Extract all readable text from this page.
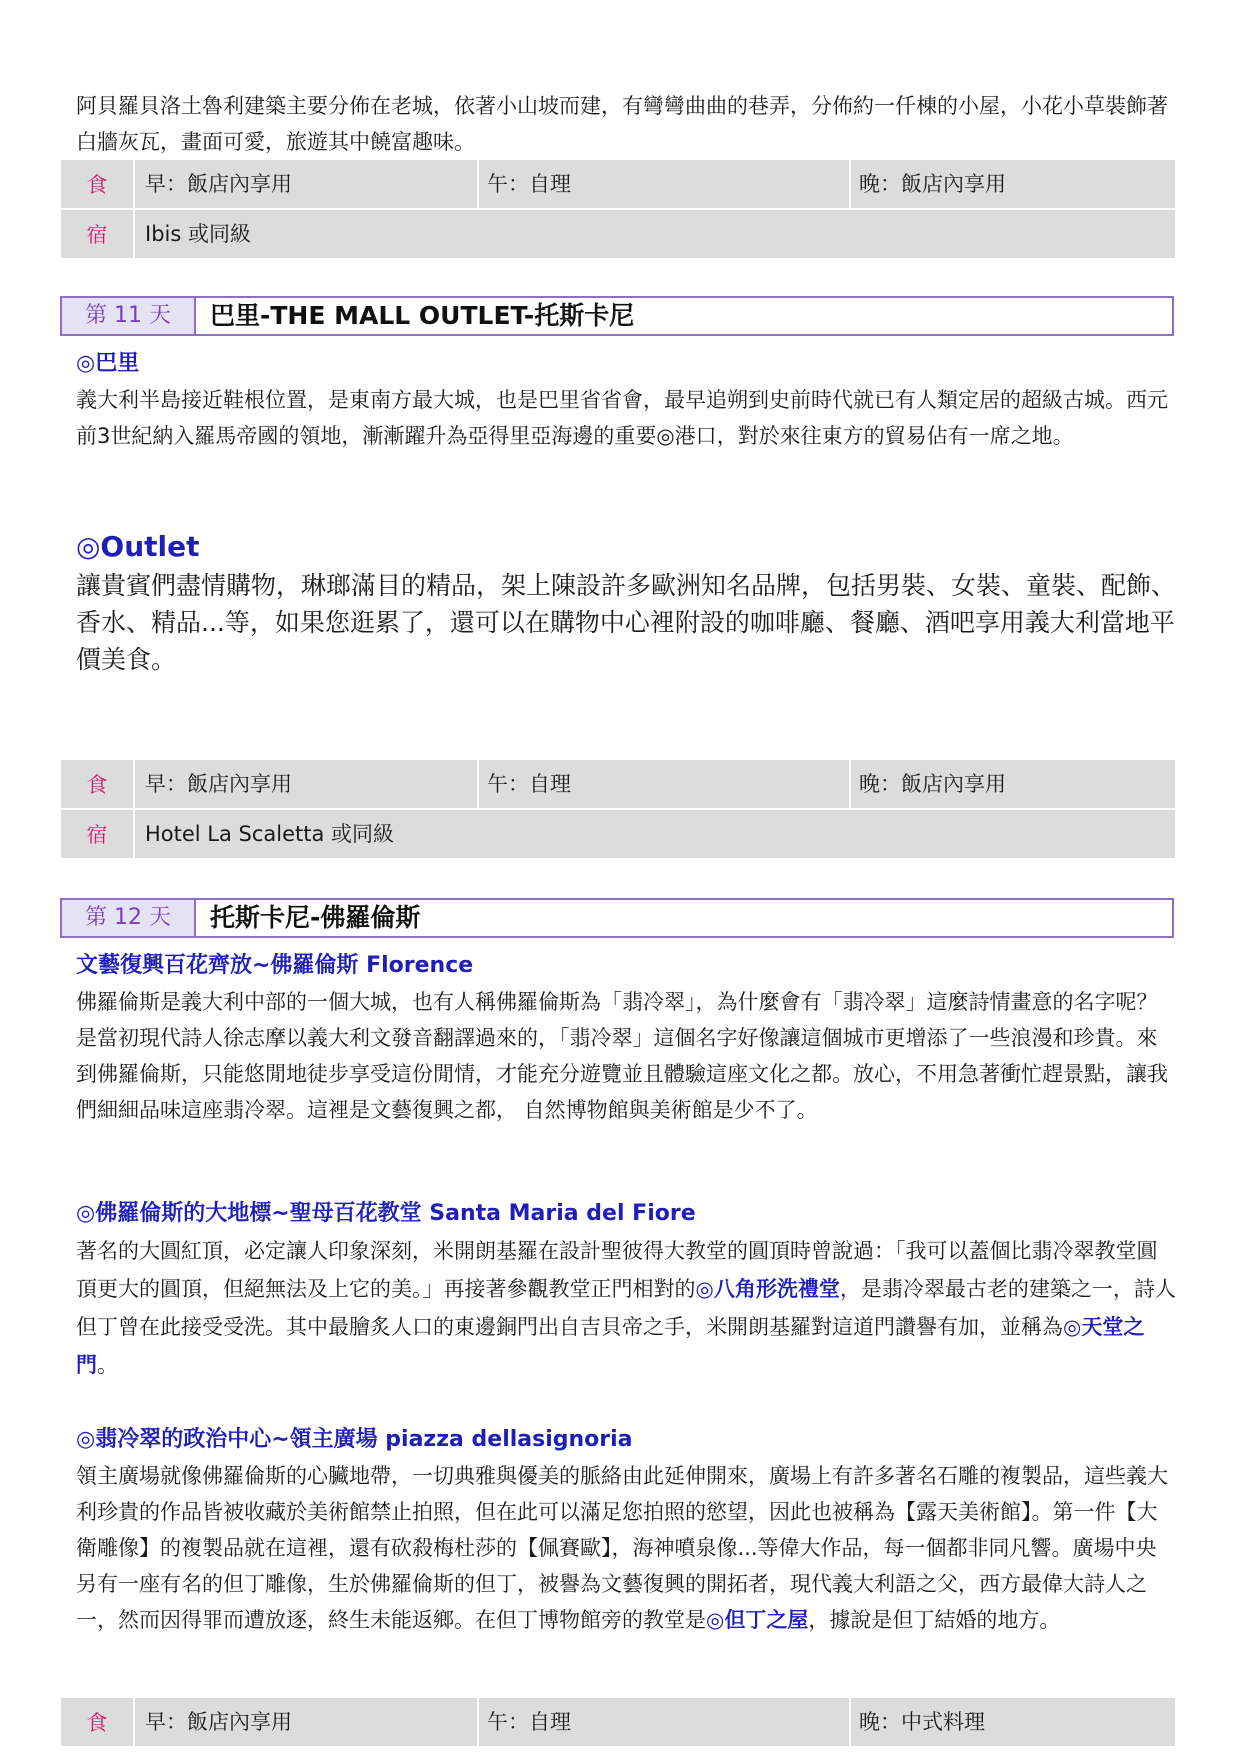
阿貝羅貝洛土魯利建築主要分佈在老城，依著小山坡而建，有彎彎曲曲的巷弄，分佈約一仟棟的小屋，小花小草裝飾著白牆灰瓦，畫面可愛，旅遊其中饒富趣味。

食	早：飯店內享用	午：自理	晚：飯店內享用
宿	Ibis 或同級
第 11 天	巴里-THE MALL OUTLET-托斯卡尼
◎巴里

義大利半島接近鞋根位置，是東南方最大城，也是巴里省省會，最早追朔到史前時代就已有人類定居的超級古城。西元前3世紀納入羅馬帝國的領地，漸漸躍升為亞得里亞海邊的重要◎港口，對於來往東方的貿易佔有一席之地。

◎Outlet

讓貴賓們盡情購物，琳瑯滿目的精品，架上陳設許多歐洲知名品牌，包括男裝、女裝、童裝、配飾、香水、精品...等，如果您逛累了，還可以在購物中心裡附設的咖啡廳、餐廳、酒吧享用義大利當地平價美食。

食	早：飯店內享用	午：自理	晚：飯店內享用
宿	Hotel La Scaletta 或同級
第 12 天	托斯卡尼-佛羅倫斯
文藝復興百花齊放~佛羅倫斯 Florence

佛羅倫斯是義大利中部的一個大城，也有人稱佛羅倫斯為「翡冷翠」，為什麼會有「翡冷翠」這麼詩情畫意的名字呢？是當初現代詩人徐志摩以義大利文發音翻譯過來的，「翡冷翠」這個名字好像讓這個城市更增添了一些浪漫和珍貴。來到佛羅倫斯，只能悠閒地徒步享受這份閒情，才能充分遊覽並且體驗這座文化之都。放心，不用急著衝忙趕景點，讓我們細細品味這座翡冷翠。這裡是文藝復興之都， 自然博物館與美術館是少不了。

◎佛羅倫斯的大地標~聖母百花教堂 Santa Maria del Fiore

著名的大圓紅頂，必定讓人印象深刻，米開朗基羅在設計聖彼得大教堂的圓頂時曾說過：「我可以蓋個比翡冷翠教堂圓頂更大的圓頂，但絕無法及上它的美。」再接著參觀教堂正門相對的◎八角形洗禮堂，是翡冷翠最古老的建築之一，詩人但丁曾在此接受受洗。其中最膾炙人口的東邊銅門出自吉貝帝之手，米開朗基羅對這道門讚譽有加，並稱為◎天堂之門。

◎翡冷翠的政治中心~領主廣場 piazza dellasignoria

領主廣場就像佛羅倫斯的心臟地帶，一切典雅與優美的脈絡由此延伸開來，廣場上有許多著名石雕的複製品，這些義大利珍貴的作品皆被收藏於美術館禁止拍照，但在此可以滿足您拍照的慾望，因此也被稱為【露天美術館】。第一件【大衛雕像】的複製品就在這裡，還有砍殺梅杜莎的【佩賽歐】，海神噴泉像...等偉大作品，每一個都非同凡響。廣場中央另有一座有名的但丁雕像，生於佛羅倫斯的但丁，被譽為文藝復興的開拓者，現代義大利語之父，西方最偉大詩人之一，然而因得罪而遭放逐，終生未能返鄉。在但丁博物館旁的教堂是◎但丁之屋，據說是但丁結婚的地方。

食	早：飯店內享用	午：自理	晚：中式料理
